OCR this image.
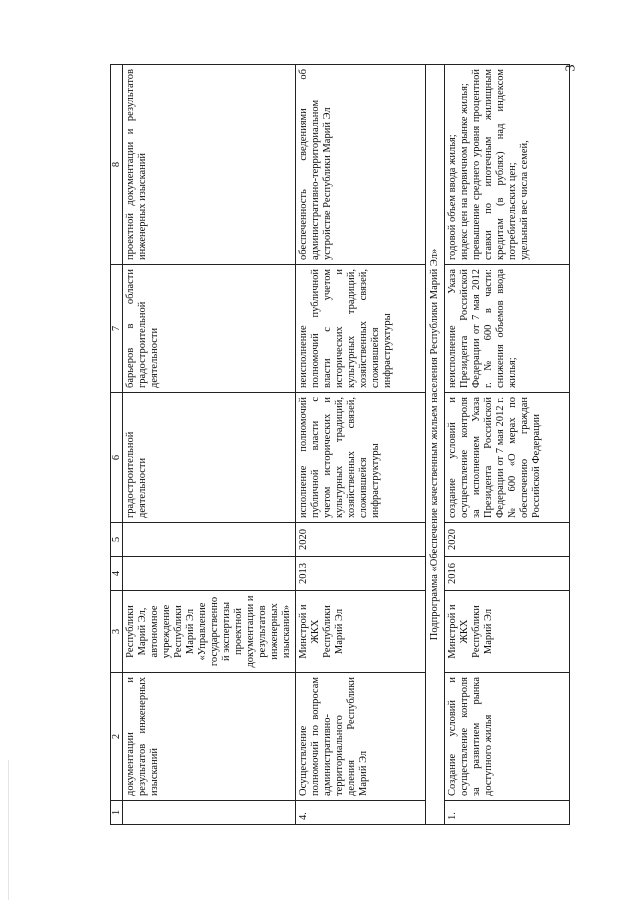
3
1	2	3	4	5	6	7	8
	документации и результатов инженерных изысканий	Республики Марий Эл, автономное учреждение Республики Марий Эл «Управление государственной экспертизы проектной документации и результатов инженерных изысканий»			градостроительной деятельности	барьеров в области градостроительной деятельности	проектной документации и результатов инженерных изысканий
4.	Осуществление полномочий по вопросам административно-территориального деления Республики Марий Эл	Минстрой и ЖКХ Республики Марий Эл	2013	2020	исполнение полномочий публичной власти с учетом исторических и культурных традиций, хозяйственных связей, сложившейся инфраструктуры	неисполнение полномочий публичной власти с учетом исторических и культурных традиций, хозяйственных связей, сложившейся инфраструктуры	обеспеченность сведениями об административно-территориальном устройстве Республики Марий Эл
Подпрограмма «Обеспечение качественным жильем населения Республики Марий Эл»							
1.	Создание условий и осуществление контроля за развитием рынка доступного жилья	Минстрой и ЖКХ Республики Марий Эл	2016	2020	создание условий и осуществление контроля за исполнением Указа Президента Российской Федерации от 7 мая 2012 г. № 600 «О мерах по обеспечению граждан Российской Федерации	неисполнение Указа Президента Российской Федерации от 7 мая 2012 г. № 600 в части: снижения объемов ввода жилья;	годовой объем ввода жилья; индекс цен на первичном рынке жилья; превышение среднего уровня процентной ставки по ипотечным жилищным кредитам (в рублях) над индексом потребительских цен; удельный вес числа семей,
